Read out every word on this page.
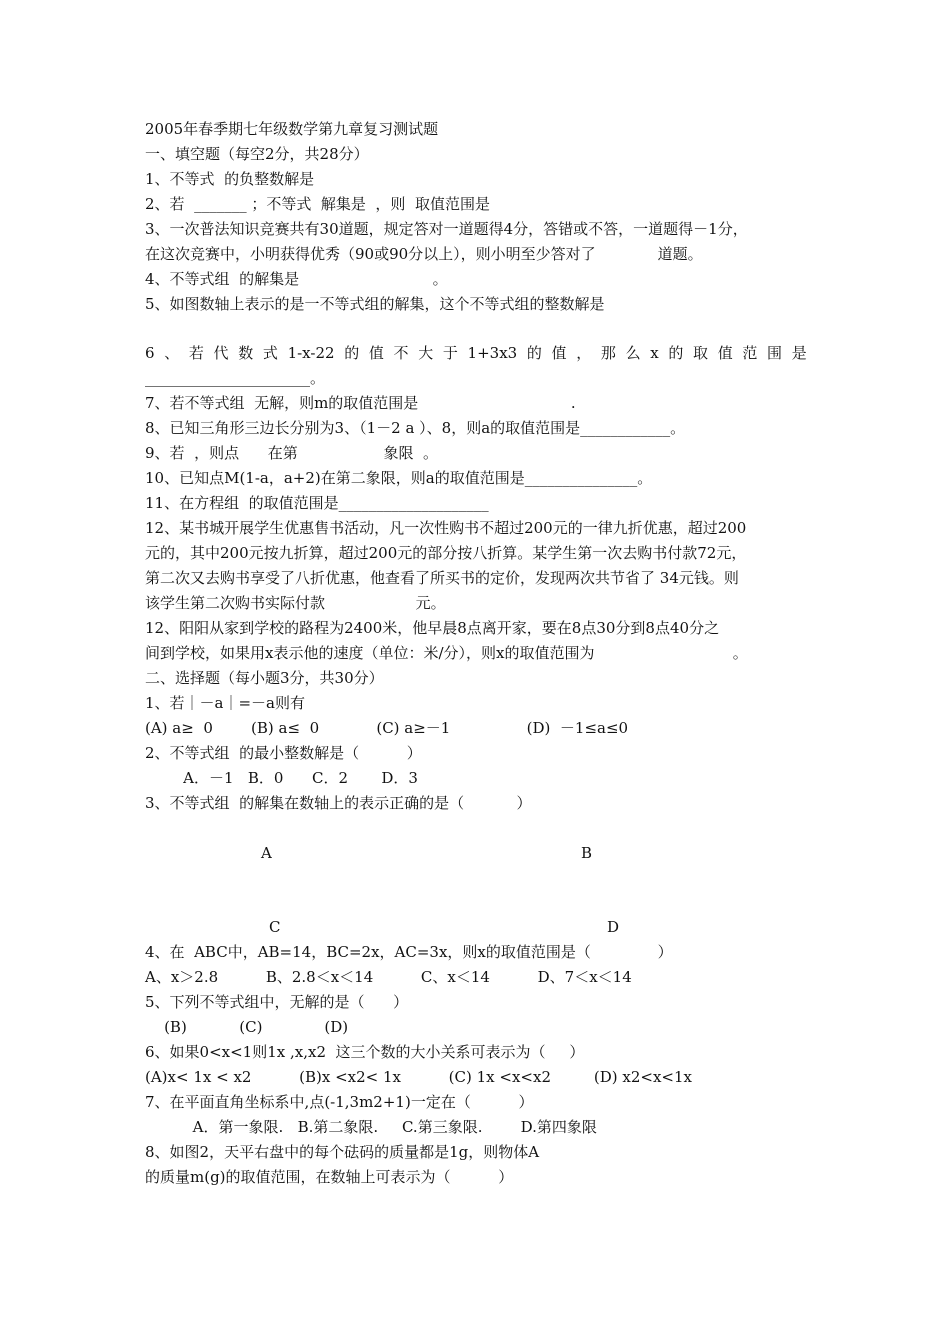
2005年春季期七年级数学第九章复习测试题
一、填空题（每空2分，共28分）
1、不等式  的负整数解是
2、若  _______ ；不等式  解集是  ，则  取值范围是
3、一次普法知识竞赛共有30道题，规定答对一道题得4分，答错或不答，一道题得－1分，
在这次竞赛中，小明获得优秀（90或90分以上），则小明至少答对了             道题。
4、不等式组  的解集是                            。
5、如图数轴上表示的是一不等式组的解集，这个不等式组的整数解是
6 、 若 代 数 式 1-x-22 的 值 不 大 于 1+3x3 的 值 ， 那 么 x 的 取 值 范 围 是
______________________。
7、若不等式组  无解，则m的取值范围是                                .
8、已知三角形三边长分别为3、（1－2 a ）、8，则a的取值范围是____________。
9、若  ，则点      在第                  象限  。
10、已知点M(1-a，a+2)在第二象限，则a的取值范围是_______________。
11、在方程组  的取值范围是____________________
12、某书城开展学生优惠售书活动，凡一次性购书不超过200元的一律九折优惠，超过200
元的，其中200元按九折算，超过200元的部分按八折算。某学生第一次去购书付款72元，
第二次又去购书享受了八折优惠，他查看了所买书的定价，发现两次共节省了 34元钱。则
该学生第二次购书实际付款                   元。
12、阳阳从家到学校的路程为2400米，他早晨8点离开家，要在8点30分到8点40分之
间到学校，如果用x表示他的速度（单位：米/分），则x的取值范围为                             。
二、选择题（每小题3分，共30分）
1、若｜－a｜=－a则有
(A) a≥  0        (B) a≤  0            (C) a≥－1                (D)  －1≤a≤0
2、不等式组  的最小整数解是（          ）
A．－1   B．0      C．2       D．3
3、不等式组  的解集在数轴上的表示正确的是（           ）
A	B
C	D
4、在  ABC中，AB=14，BC=2x，AC=3x，则x的取值范围是（              ）
A、x＞2.8          B、2.8＜x＜14          C、x＜14          D、7＜x＜14
5、下列不等式组中，无解的是（      ）
(B)           (C)             (D)
6、如果0<x<1则1x ,x,x2  这三个数的大小关系可表示为（     ）
(A)x< 1x < x2          (B)x <x2< 1x          (C) 1x <x<x2         (D) x2<x<1x
7、在平面直角坐标系中,点(-1,3m2+1)一定在（          ）
A．第一象限.   B.第二象限.     C.第三象限.        D.第四象限
8、如图2，天平右盘中的每个砝码的质量都是1g，则物体A
的质量m(g)的取值范围，在数轴上可表示为（          ）
